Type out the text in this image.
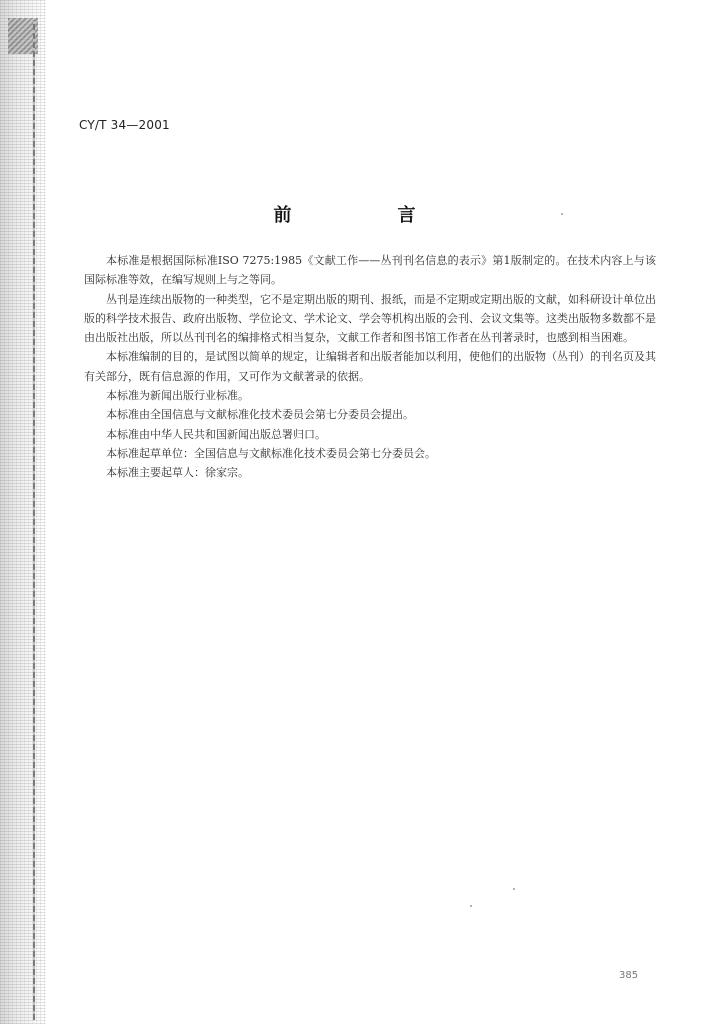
CY/T 34—2001
前　言

本标准是根据国际标准ISO 7275:1985《文献工作——丛刊刊名信息的表示》第1版制定的。在技术内容上与该国际标准等效，在编写规则上与之等同。

丛刊是连续出版物的一种类型，它不是定期出版的期刊、报纸，而是不定期或定期出版的文献，如科研设计单位出版的科学技术报告、政府出版物、学位论文、学术论文、学会等机构出版的会刊、会议文集等。这类出版物多数都不是由出版社出版，所以丛刊刊名的编排格式相当复杂，文献工作者和图书馆工作者在丛刊著录时，也感到相当困难。

本标准编制的目的，是试图以简单的规定，让编辑者和出版者能加以利用，使他们的出版物（丛刊）的刊名页及其有关部分，既有信息源的作用，又可作为文献著录的依据。

本标准为新闻出版行业标准。

本标准由全国信息与文献标准化技术委员会第七分委员会提出。

本标准由中华人民共和国新闻出版总署归口。

本标准起草单位：全国信息与文献标准化技术委员会第七分委员会。

本标准主要起草人：徐家宗。

385
